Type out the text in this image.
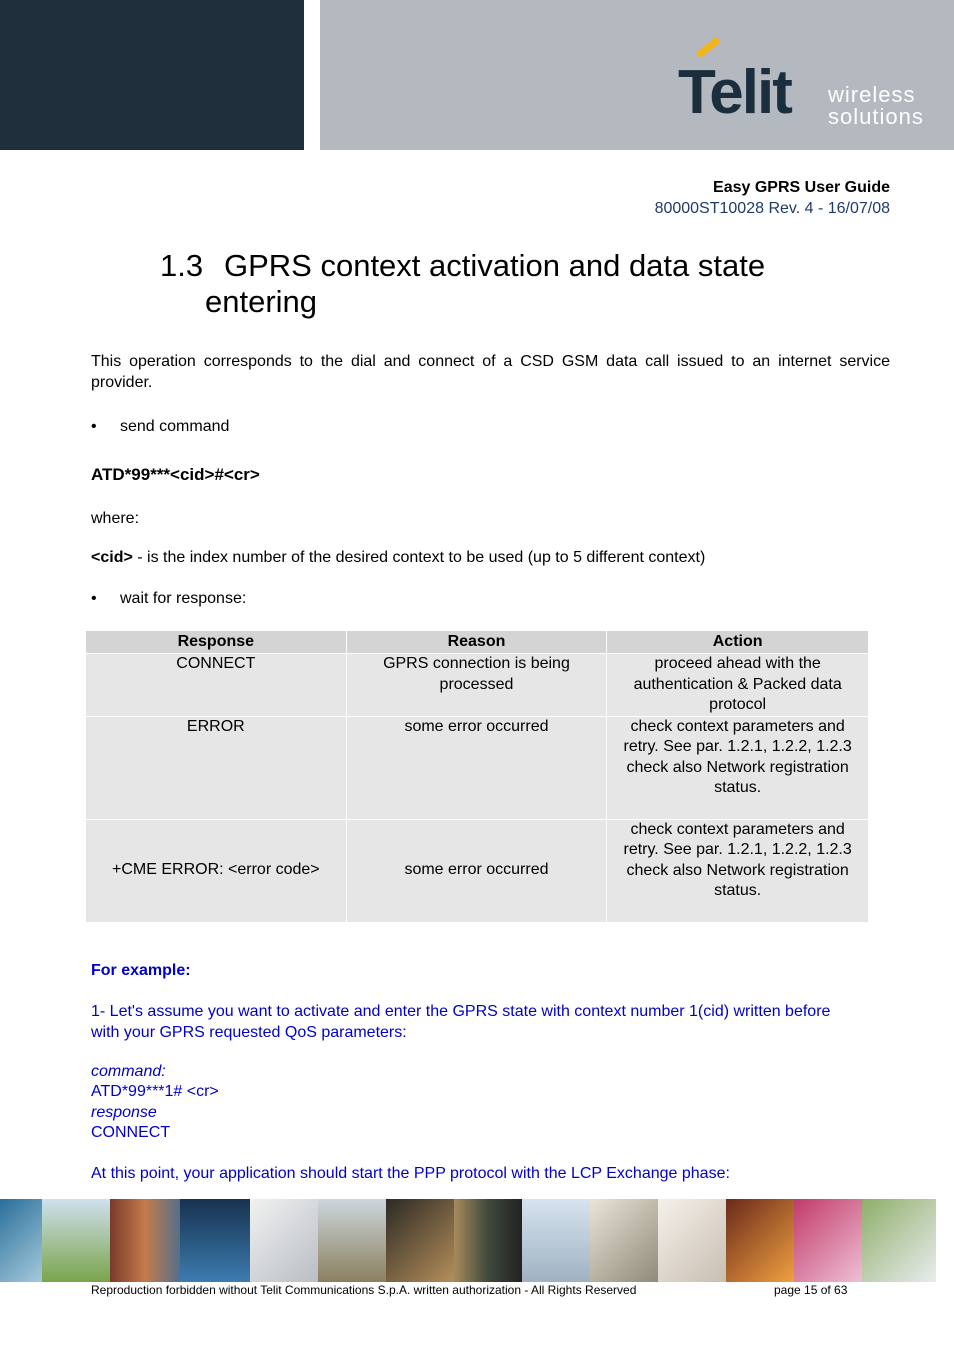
Telit wireless
solutions
Easy GPRS User Guide
80000ST10028 Rev. 4 - 16/07/08
1.3 GPRS context activation and data state
entering
This operation corresponds to the dial and connect of a CSD GSM data call issued to an internet service provider.
• send command
ATD*99***<cid>#<cr>
where:
<cid> - is the index number of the desired context to be used (up to 5 different context)
• wait for response:
Response	Reason	Action
CONNECT	GPRS connection is being processed	proceed ahead with the authentication & Packed data protocol
ERROR	some error occurred	check context parameters and retry. See par. 1.2.1, 1.2.2, 1.2.3
check also Network registration status.

+CME ERROR: <error code>	some error occurred	check context parameters and retry. See par. 1.2.1, 1.2.2, 1.2.3
check also Network registration status.
For example:
1- Let's assume you want to activate and enter the GPRS state with context number 1(cid) written before with your GPRS requested QoS parameters:
command:
ATD*99***1# <cr>
response
CONNECT
At this point, your application should start the PPP protocol with the LCP Exchange phase:
Reproduction forbidden without Telit Communications S.p.A. written authorization - All Rights Reserved	page 15 of 63
